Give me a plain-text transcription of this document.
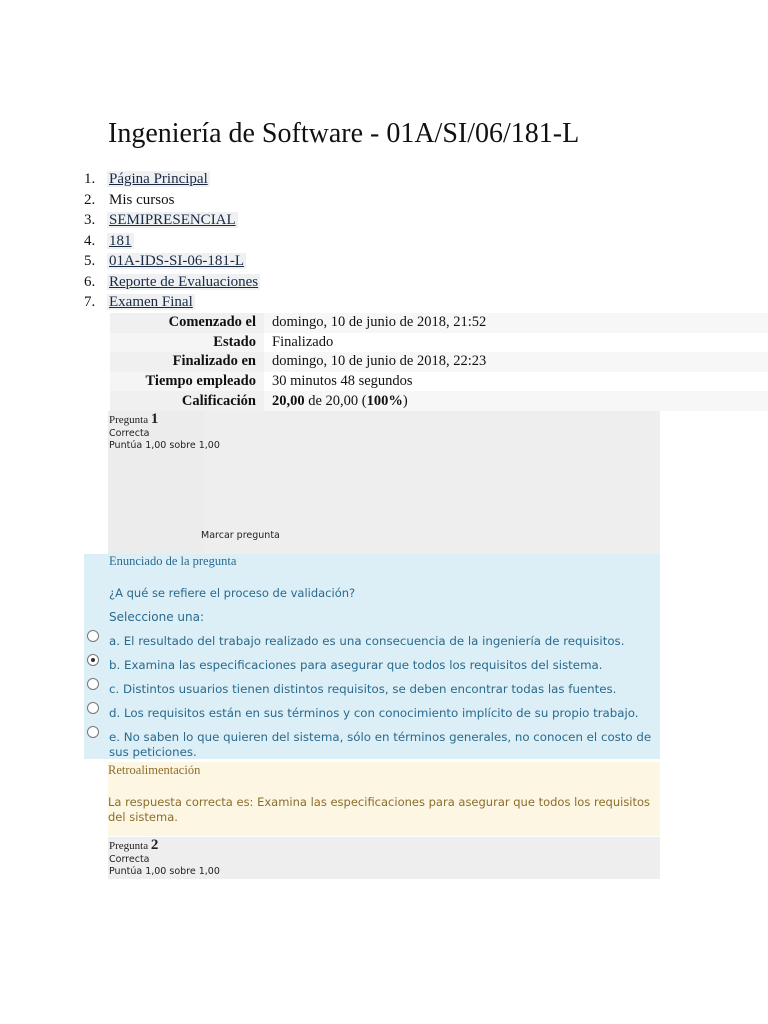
Ingeniería de Software - 01A/SI/06/181-L
1. Página Principal
2. Mis cursos
3. SEMIPRESENCIAL
4. 181
5. 01A-IDS-SI-06-181-L
6. Reporte de Evaluaciones
7. Examen Final
Comenzado el	domingo, 10 de junio de 2018, 21:52
Estado	Finalizado
Finalizado en	domingo, 10 de junio de 2018, 22:23
Tiempo empleado	30 minutos 48 segundos
Calificación	20,00 de 20,00 (100%)
Pregunta 1
Correcta
Puntúa 1,00 sobre 1,00
Marcar pregunta
Enunciado de la pregunta
¿A qué se refiere el proceso de validación?
Seleccione una:
a. El resultado del trabajo realizado es una consecuencia de la ingeniería de requisitos.
b. Examina las especificaciones para asegurar que todos los requisitos del sistema.
c. Distintos usuarios tienen distintos requisitos, se deben encontrar todas las fuentes.
d. Los requisitos están en sus términos y con conocimiento implícito de su propio trabajo.
e. No saben lo que quieren del sistema, sólo en términos generales, no conocen el costo de sus peticiones.
Retroalimentación
La respuesta correcta es: Examina las especificaciones para asegurar que todos los requisitos del sistema.
Pregunta 2
Correcta
Puntúa 1,00 sobre 1,00
